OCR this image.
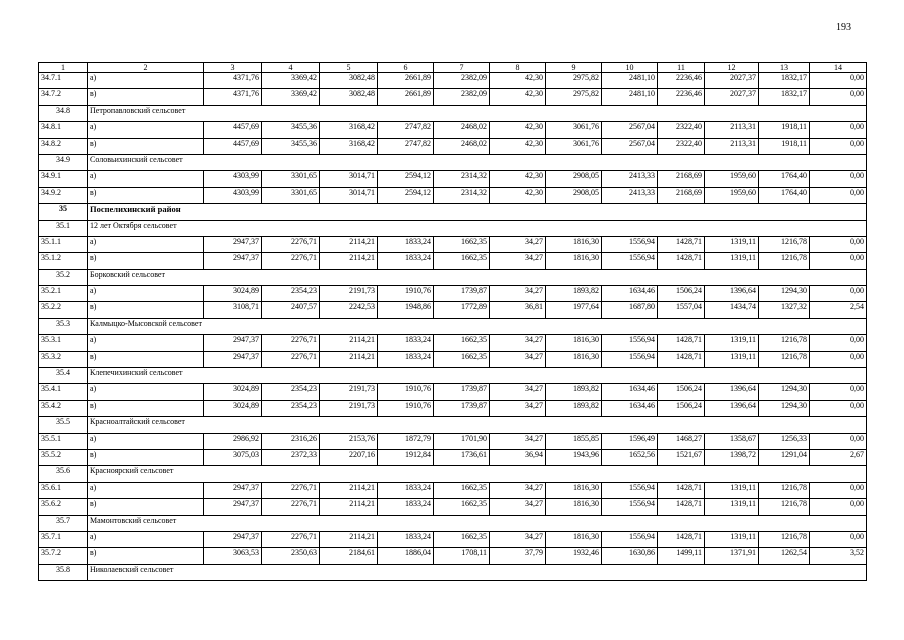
193
1	2	3	4	5	6	7	8	9	10	11	12	13	14
34.7.1	а)	4371,76	3369,42	3082,48	2661,89	2382,09	42,30	2975,82	2481,10	2236,46	2027,37	1832,17	0,00
34.7.2	в)	4371,76	3369,42	3082,48	2661,89	2382,09	42,30	2975,82	2481,10	2236,46	2027,37	1832,17	0,00
34.8	Петропавловский сельсовет												
34.8.1	а)	4457,69	3455,36	3168,42	2747,82	2468,02	42,30	3061,76	2567,04	2322,40	2113,31	1918,11	0,00
34.8.2	в)	4457,69	3455,36	3168,42	2747,82	2468,02	42,30	3061,76	2567,04	2322,40	2113,31	1918,11	0,00
34.9	Соловьихинский сельсовет												
34.9.1	а)	4303,99	3301,65	3014,71	2594,12	2314,32	42,30	2908,05	2413,33	2168,69	1959,60	1764,40	0,00
34.9.2	в)	4303,99	3301,65	3014,71	2594,12	2314,32	42,30	2908,05	2413,33	2168,69	1959,60	1764,40	0,00
35	Поспелихинский район												
35.1	12 лет Октября сельсовет												
35.1.1	а)	2947,37	2276,71	2114,21	1833,24	1662,35	34,27	1816,30	1556,94	1428,71	1319,11	1216,78	0,00
35.1.2	в)	2947,37	2276,71	2114,21	1833,24	1662,35	34,27	1816,30	1556,94	1428,71	1319,11	1216,78	0,00
35.2	Борковский сельсовет												
35.2.1	а)	3024,89	2354,23	2191,73	1910,76	1739,87	34,27	1893,82	1634,46	1506,24	1396,64	1294,30	0,00
35.2.2	в)	3108,71	2407,57	2242,53	1948,86	1772,89	36,81	1977,64	1687,80	1557,04	1434,74	1327,32	2,54
35.3	Калмыцко-Мысовской сельсовет												
35.3.1	а)	2947,37	2276,71	2114,21	1833,24	1662,35	34,27	1816,30	1556,94	1428,71	1319,11	1216,78	0,00
35.3.2	в)	2947,37	2276,71	2114,21	1833,24	1662,35	34,27	1816,30	1556,94	1428,71	1319,11	1216,78	0,00
35.4	Клепечихинский сельсовет												
35.4.1	а)	3024,89	2354,23	2191,73	1910,76	1739,87	34,27	1893,82	1634,46	1506,24	1396,64	1294,30	0,00
35.4.2	в)	3024,89	2354,23	2191,73	1910,76	1739,87	34,27	1893,82	1634,46	1506,24	1396,64	1294,30	0,00
35.5	Красноалтайский сельсовет												
35.5.1	а)	2986,92	2316,26	2153,76	1872,79	1701,90	34,27	1855,85	1596,49	1468,27	1358,67	1256,33	0,00
35.5.2	в)	3075,03	2372,33	2207,16	1912,84	1736,61	36,94	1943,96	1652,56	1521,67	1398,72	1291,04	2,67
35.6	Красноярский сельсовет												
35.6.1	а)	2947,37	2276,71	2114,21	1833,24	1662,35	34,27	1816,30	1556,94	1428,71	1319,11	1216,78	0,00
35.6.2	в)	2947,37	2276,71	2114,21	1833,24	1662,35	34,27	1816,30	1556,94	1428,71	1319,11	1216,78	0,00
35.7	Мамонтовский сельсовет												
35.7.1	а)	2947,37	2276,71	2114,21	1833,24	1662,35	34,27	1816,30	1556,94	1428,71	1319,11	1216,78	0,00
35.7.2	в)	3063,53	2350,63	2184,61	1886,04	1708,11	37,79	1932,46	1630,86	1499,11	1371,91	1262,54	3,52
35.8	Николаевский сельсовет												
